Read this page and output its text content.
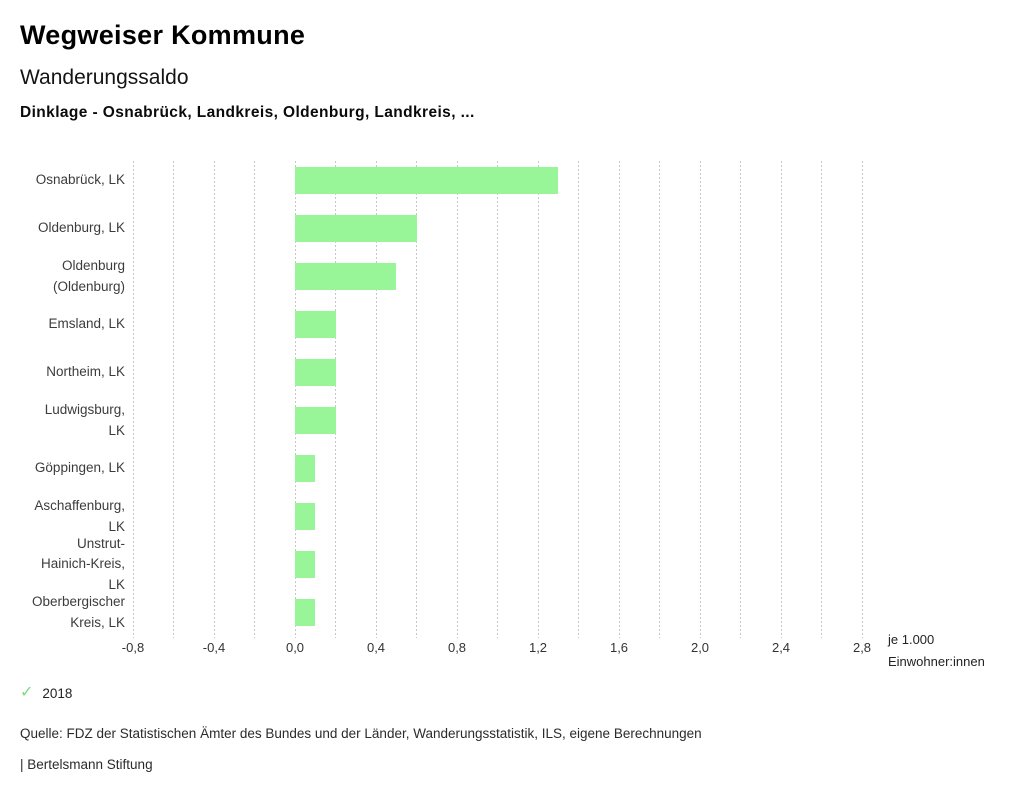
Wegweiser Kommune
Wanderungssaldo
Dinklage - Osnabrück, Landkreis, Oldenburg, Landkreis, ...
Osnabrück, LK
Oldenburg, LK
Oldenburg (Oldenburg)
Emsland, LK
Northeim, LK
Ludwigsburg, LK
Göppingen, LK
Aschaffenburg, LK
Unstrut-Hainich-Kreis, LK
Oberbergischer Kreis, LK
-0,8	-0,4	0,0	0,4	0,8	1,2	1,6	2,0	2,4	2,8
je 1.000
Einwohner:innen
✓ 2018
Quelle: FDZ der Statistischen Ämter des Bundes und der Länder, Wanderungsstatistik, ILS, eigene Berechnungen
| Bertelsmann Stiftung
